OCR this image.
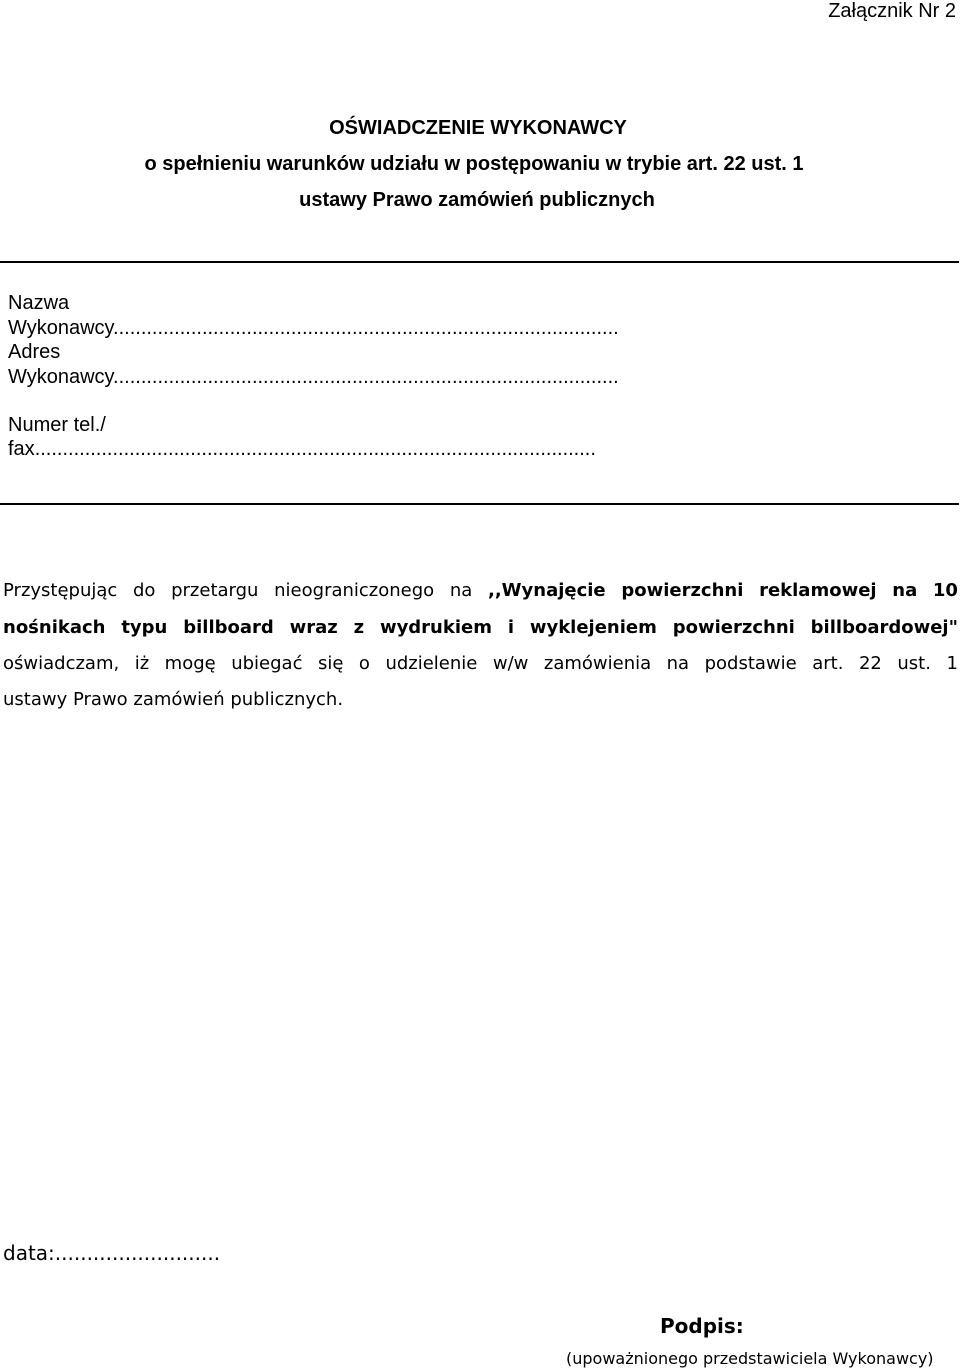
Załącznik Nr 2
OŚWIADCZENIE WYKONAWCY
o spełnieniu warunków udziału w postępowaniu w trybie art. 22 ust. 1
ustawy Prawo zamówień publicznych
Nazwa
Wykonawcy...........................................................................................
Adres
Wykonawcy...........................................................................................
Numer tel./
fax.....................................................................................................
Przystępując do przetargu nieograniczonego na ,,Wynajęcie powierzchni reklamowej na 10
nośnikach typu billboard wraz z wydrukiem i wyklejeniem powierzchni billboardowej"
oświadczam, iż mogę ubiegać się o udzielenie w/w zamówienia na podstawie art. 22 ust. 1
ustawy Prawo zamówień publicznych.
data:..........................
Podpis:
(upoważnionego przedstawiciela Wykonawcy)
